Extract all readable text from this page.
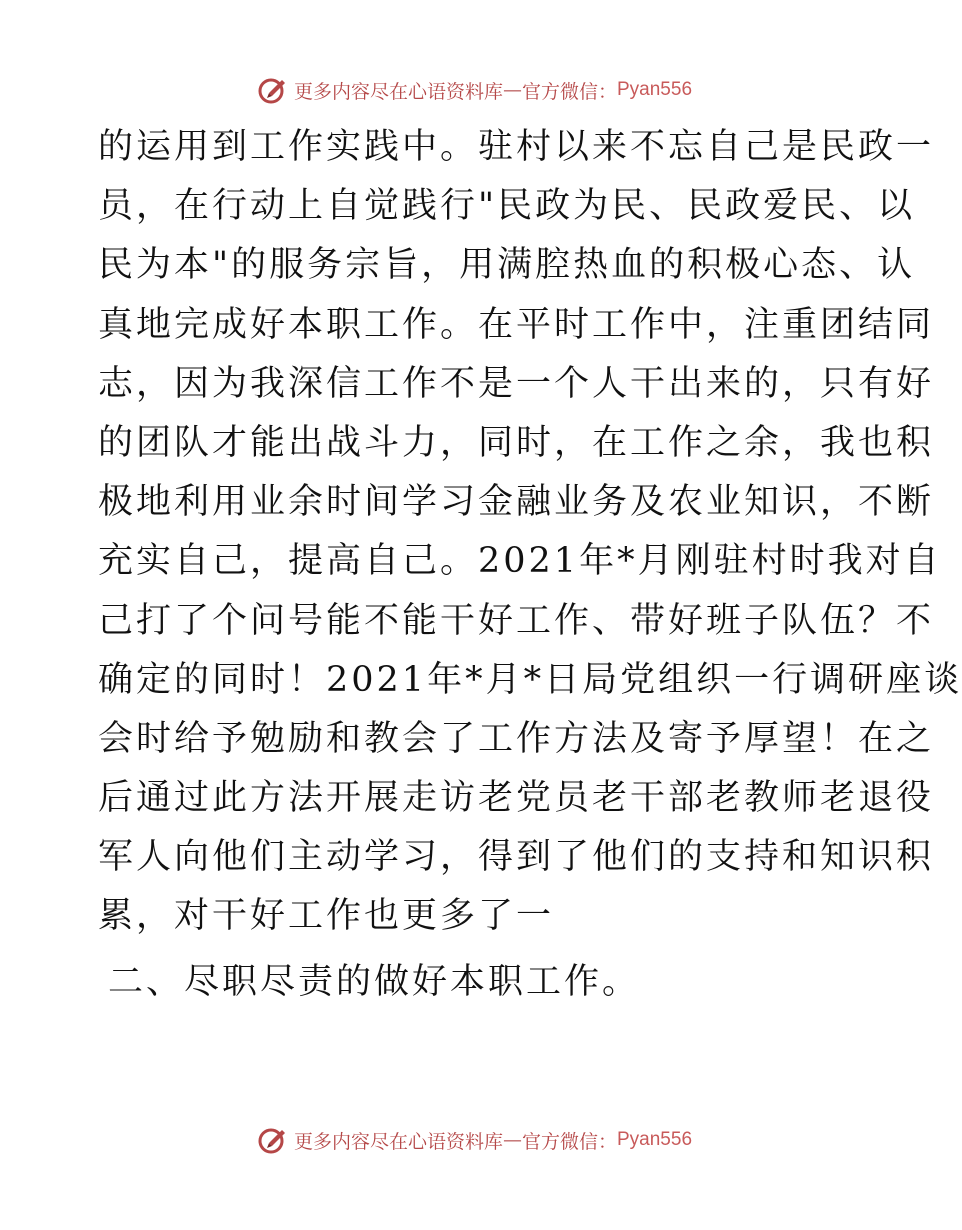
更多内容尽在心语资料库 — 官方微信： Pyan556
的运用到工作实践中。驻村以来不忘自己是民政一
员，在行动上自觉践行"民政为民、民政爱民、以
民为本"的服务宗旨，用满腔热血的积极心态、认
真地完成好本职工作。在平时工作中，注重团结同
志，因为我深信工作不是一个人干出来的，只有好
的团队才能出战斗力，同时，在工作之余，我也积
极地利用业余时间学习金融业务及农业知识，不断
充实自己，提高自己。2021年*月刚驻村时我对自
己打了个问号能不能干好工作、带好班子队伍？不
确定的同时！2021年*月*日局党组织一行调研座谈
会时给予勉励和教会了工作方法及寄予厚望！在之
后通过此方法开展走访老党员老干部老教师老退役
军人向他们主动学习，得到了他们的支持和知识积
累，对干好工作也更多了一
二、尽职尽责的做好本职工作。
更多内容尽在心语资料库 — 官方微信： Pyan556
